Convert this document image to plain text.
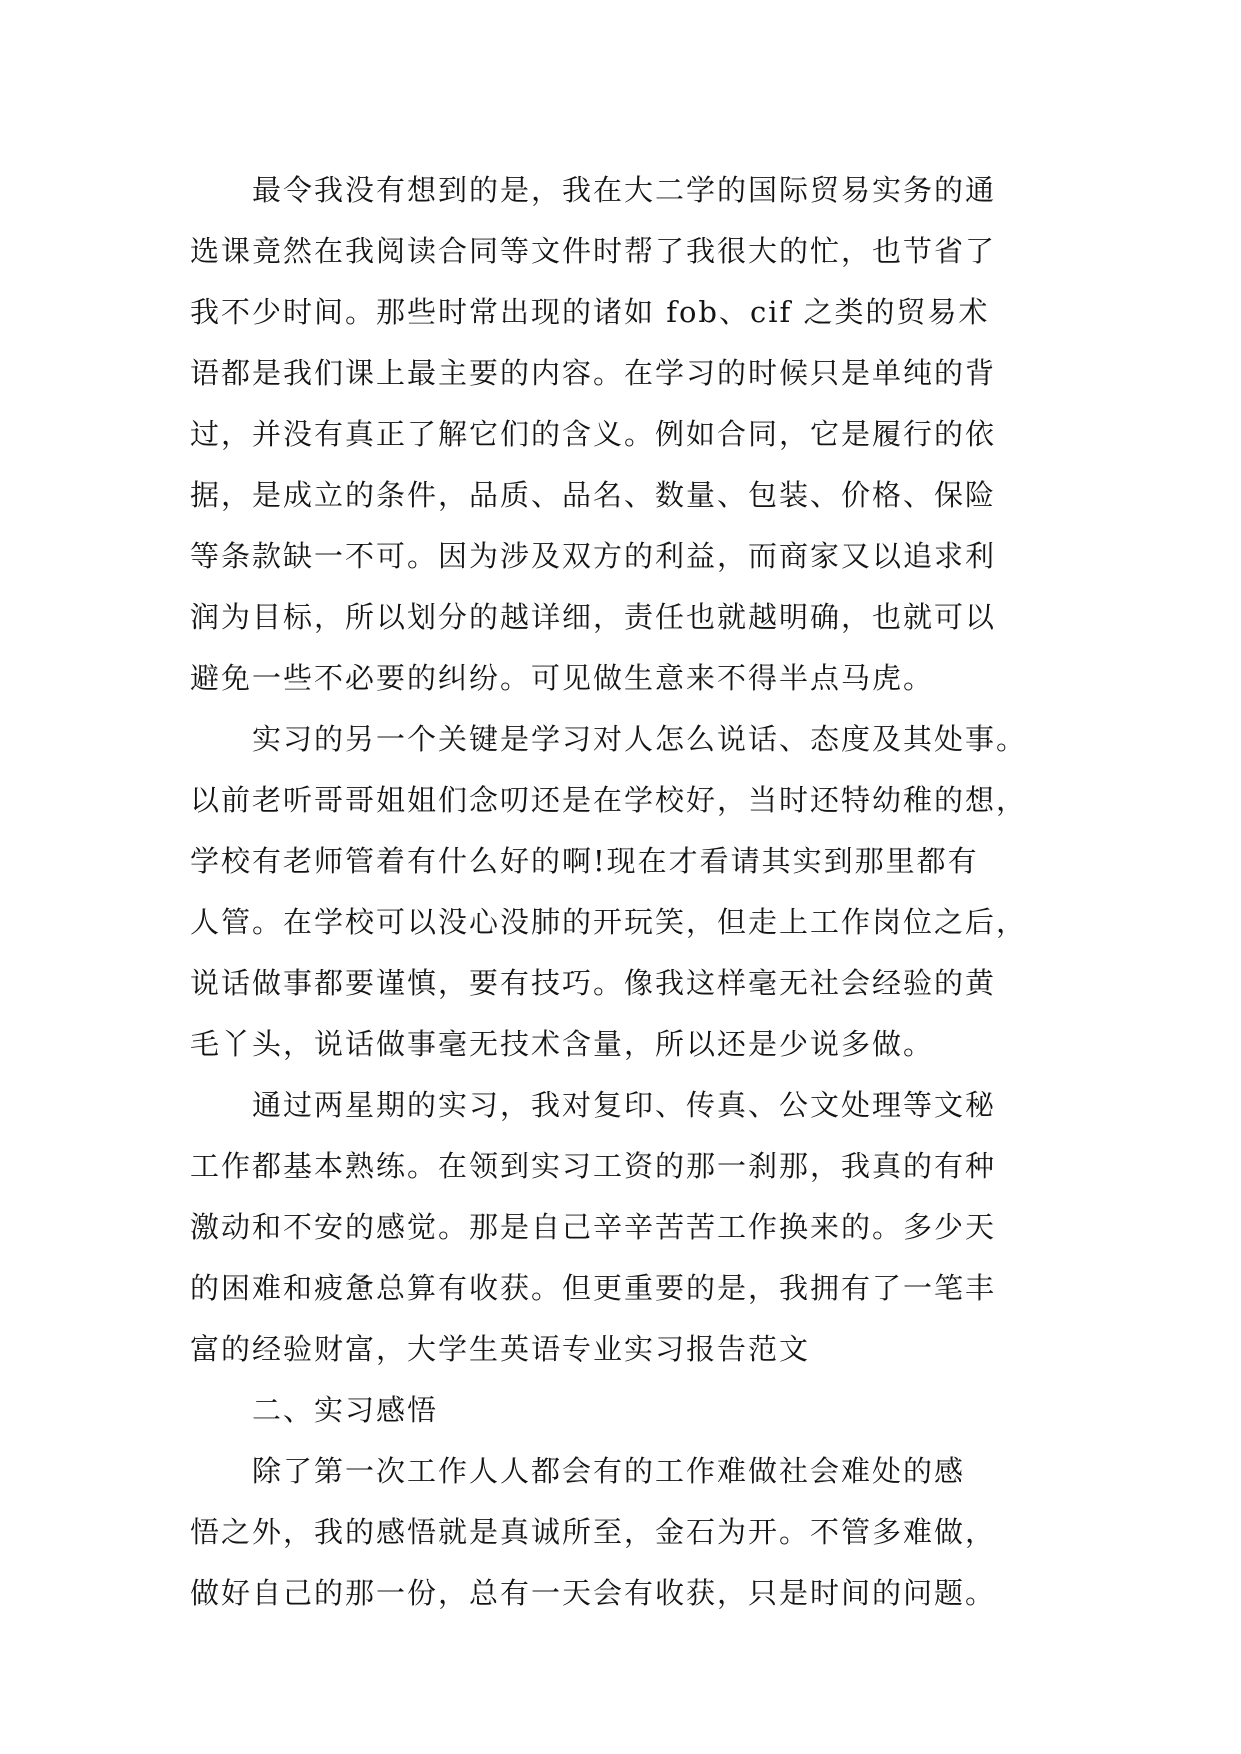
最令我没有想到的是，我在大二学的国际贸易实务的通
选课竟然在我阅读合同等文件时帮了我很大的忙，也节省了
我不少时间。那些时常出现的诸如 fob、cif 之类的贸易术
语都是我们课上最主要的内容。在学习的时候只是单纯的背
过，并没有真正了解它们的含义。例如合同，它是履行的依
据，是成立的条件，品质、品名、数量、包装、价格、保险
等条款缺一不可。因为涉及双方的利益，而商家又以追求利
润为目标，所以划分的越详细，责任也就越明确，也就可以
避免一些不必要的纠纷。可见做生意来不得半点马虎。
实习的另一个关键是学习对人怎么说话、态度及其处事。
以前老听哥哥姐姐们念叨还是在学校好，当时还特幼稚的想，
学校有老师管着有什么好的啊!现在才看请其实到那里都有
人管。在学校可以没心没肺的开玩笑，但走上工作岗位之后，
说话做事都要谨慎，要有技巧。像我这样毫无社会经验的黄
毛丫头，说话做事毫无技术含量，所以还是少说多做。
通过两星期的实习，我对复印、传真、公文处理等文秘
工作都基本熟练。在领到实习工资的那一刹那，我真的有种
激动和不安的感觉。那是自己辛辛苦苦工作换来的。多少天
的困难和疲惫总算有收获。但更重要的是，我拥有了一笔丰
富的经验财富，大学生英语专业实习报告范文
二、实习感悟
除了第一次工作人人都会有的工作难做社会难处的感
悟之外，我的感悟就是真诚所至，金石为开。不管多难做，
做好自己的那一份，总有一天会有收获，只是时间的问题。
